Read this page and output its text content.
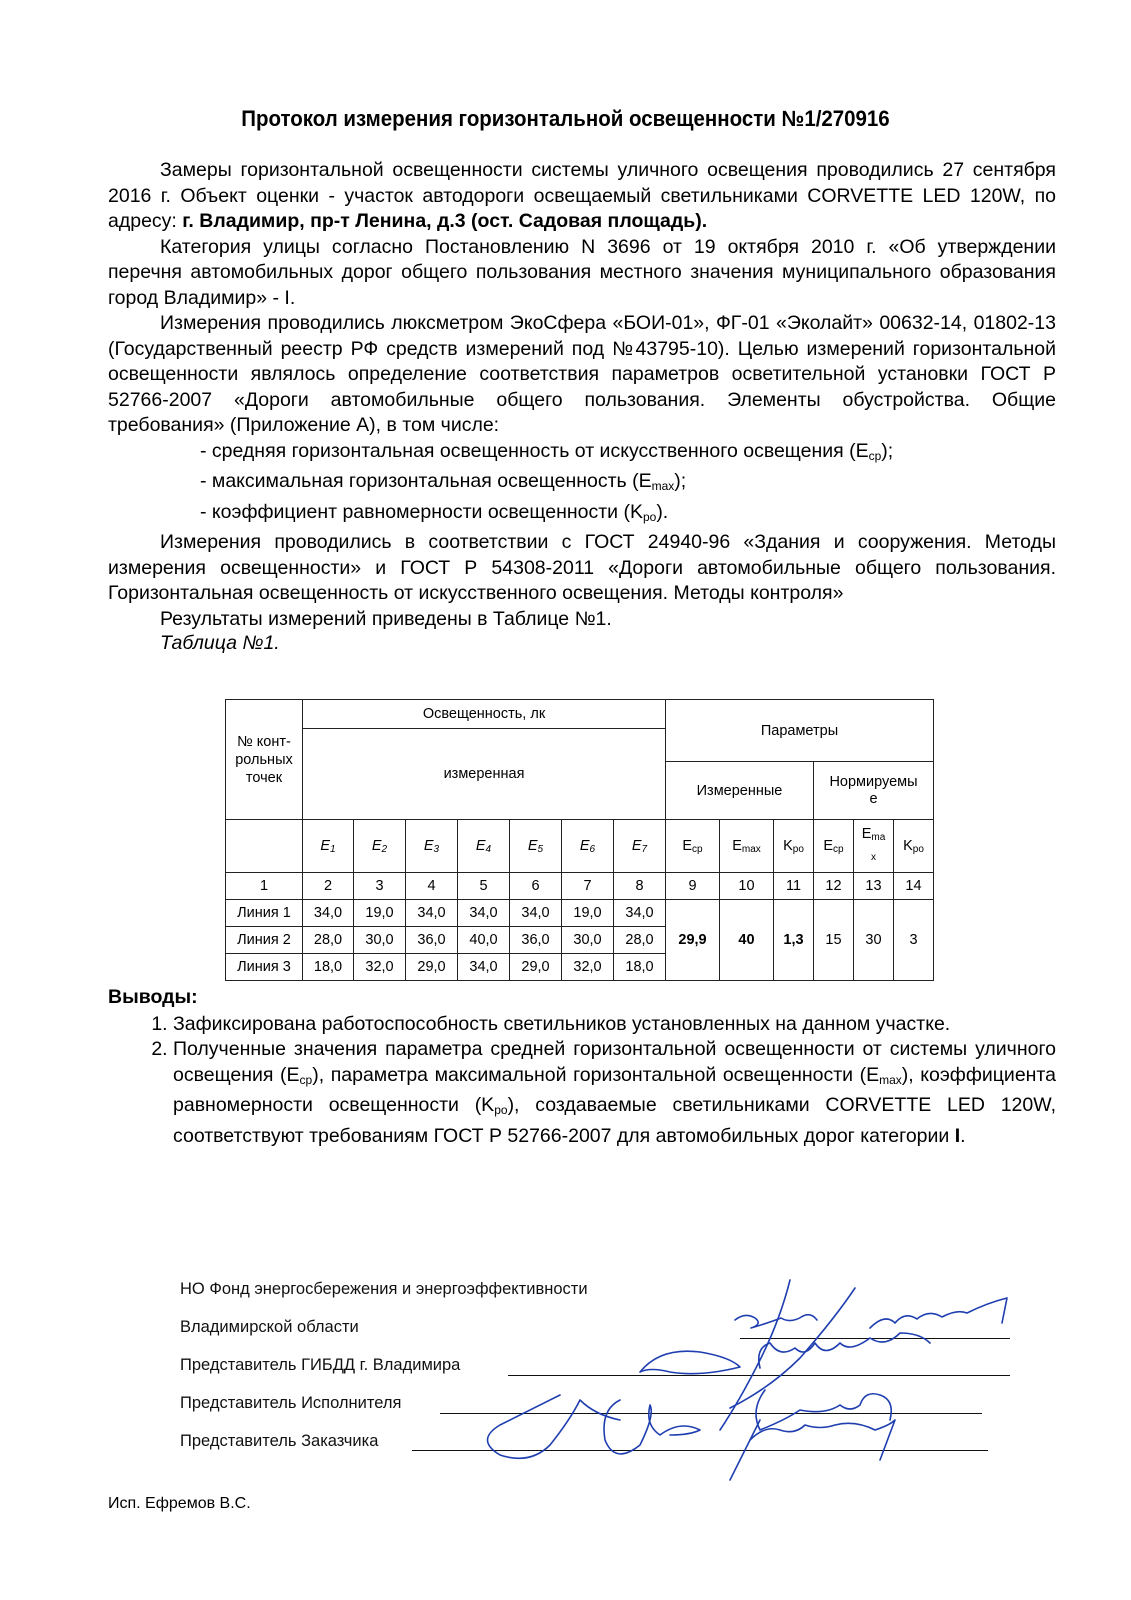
Протокол измерения горизонтальной освещенности №1/270916

Замеры горизонтальной освещенности системы уличного освещения проводились 27 сентября 2016 г. Объект оценки - участок автодороги освещаемый светильниками CORVETTE LED 120W, по адресу: г. Владимир, пр-т Ленина, д.3 (ост. Садовая площадь).

Категория улицы согласно Постановлению N 3696 от 19 октября 2010 г. «Об утверждении перечня автомобильных дорог общего пользования местного значения муниципального образования город Владимир» - I.

Измерения проводились люксметром ЭкоСфера «БОИ-01», ФГ-01 «Эколайт» 00632-14, 01802-13 (Государственный реестр РФ средств измерений под №43795-10). Целью измерений горизонтальной освещенности являлось определение соответствия параметров осветительной установки ГОСТ Р 52766-2007 «Дороги автомобильные общего пользования. Элементы обустройства. Общие требования» (Приложение А), в том числе:

- средняя горизонтальная освещенность от искусственного освещения $(E_{ср})$;

- максимальная горизонтальная освещенность $(E_{max})$;

- коэффициент равномерности освещенности $(K_{ро})$.

Измерения проводились в соответствии с ГОСТ 24940-96 «Здания и сооружения. Методы измерения освещенности» и ГОСТ Р 54308-2011 «Дороги автомобильные общего пользования. Горизонтальная освещенность от искусственного освещения. Методы контроля»

Результаты измерений приведены в Таблице №1.

Таблица №1.

№ конт-
рольных
точек	Освещенность, лк							Параметры					
	измеренная												
								Измеренные			Нормируемы
е		
	E1	E2	E3	E4	E5	E6	E7	Eср	Emax	Kро	Eср	Ema
x	Kро
1	2	3	4	5	6	7	8	9	10	11	12	13	14
Линия 1	34,0	19,0	34,0	34,0	34,0	19,0	34,0	29,9	40	1,3	15	30	3
Линия 2	28,0	30,0	36,0	40,0	36,0	30,0	28,0						
Линия 3	18,0	32,0	29,0	34,0	29,0	32,0	18,0						
Выводы:
1. Зафиксирована работоспособность светильников установленных на данном участке.
2. Полученные значения параметра средней горизонтальной освещенности от системы уличного освещения $(E_{ср})$, параметра максимальной горизонтальной освещенности $(E_{max})$, коэффициента равномерности освещенности $(K_{ро})$, создаваемые светильниками CORVETTE LED 120W, соответствуют требованиям ГОСТ Р 52766-2007 для автомобильных дорог категории I.
НО Фонд энергосбережения и энергоэффективности
Владимирской области
Представитель ГИБДД г. Владимира
Представитель Исполнителя
Представитель Заказчика
Исп. Ефремов В.С.
